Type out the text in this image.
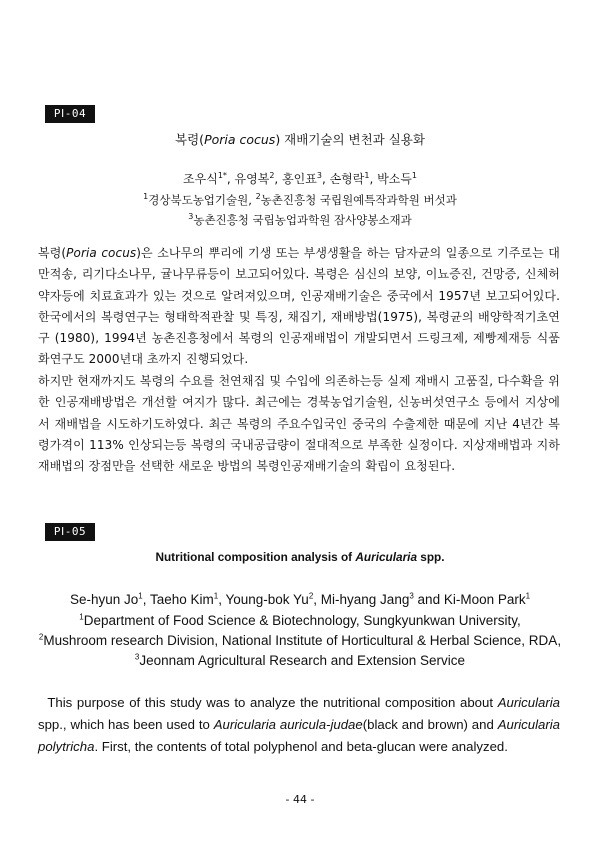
PⅠ-04
복령(Poria cocus) 재배기술의 변천과 실용화
조우식$^{1*}$, 유영복$^2$, 홍인표$^3$, 손형락$^1$, 박소득$^1$
$^1$경상북도농업기술원, $^2$농촌진흥청 국립원예특작과학원 버섯과
$^3$농촌진흥청 국립농업과학원 잠사양봉소재과
복령(Poria cocus)은 소나무의 뿌리에 기생 또는 부생생활을 하는 담자균의 일종으로 기주로는 대만적송, 리기다소나무, 귤나무류등이 보고되어있다. 복령은 심신의 보양, 이뇨증진, 건망증, 신체허약자등에 치료효과가 있는 것으로 알려져있으며, 인공재배기술은 중국에서 1957년 보고되어있다. 한국에서의 복령연구는 형태학적관찰 및 특징, 채집기, 재배방법(1975), 복령균의 배양학적기초연구 (1980), 1994년 농촌진흥청에서 복령의 인공재배법이 개발되면서 드링크제, 제빵제재등 식품화연구도 2000년대 초까지 진행되었다.
하지만 현재까지도 복령의 수요를 천연채집 및 수입에 의존하는등 실제 재배시 고품질, 다수확을 위한 인공재배방법은 개선할 여지가 많다. 최근에는 경북농업기술원, 신농버섯연구소 등에서 지상에서 재배법을 시도하기도하였다. 최근 복령의 주요수입국인 중국의 수출제한 때문에 지난 4년간 복령가격이 113% 인상되는등 복령의 국내공급량이 절대적으로 부족한 실정이다. 지상재배법과 지하재배법의 장점만을 선택한 새로운 방법의 복령인공재배기술의 확립이 요청된다.
PⅠ-05
Nutritional composition analysis of Auricularia spp.
Se-hyun Jo$^1$, Taeho Kim$^1$, Young-bok Yu$^2$, Mi-hyang Jang$^3$ and Ki-Moon Park$^1$
$^1$Department of Food Science & Biotechnology, Sungkyunkwan University,
$^2$Mushroom research Division, National Institute of Horticultural & Herbal Science, RDA,
$^3$Jeonnam Agricultural Research and Extension Service
This purpose of this study was to analyze the nutritional composition about Auricularia spp., which has been used to Auricularia auricula-judae(black and brown) and Auricularia polytricha. First, the contents of total polyphenol and beta-glucan were analyzed.
- 44 -
